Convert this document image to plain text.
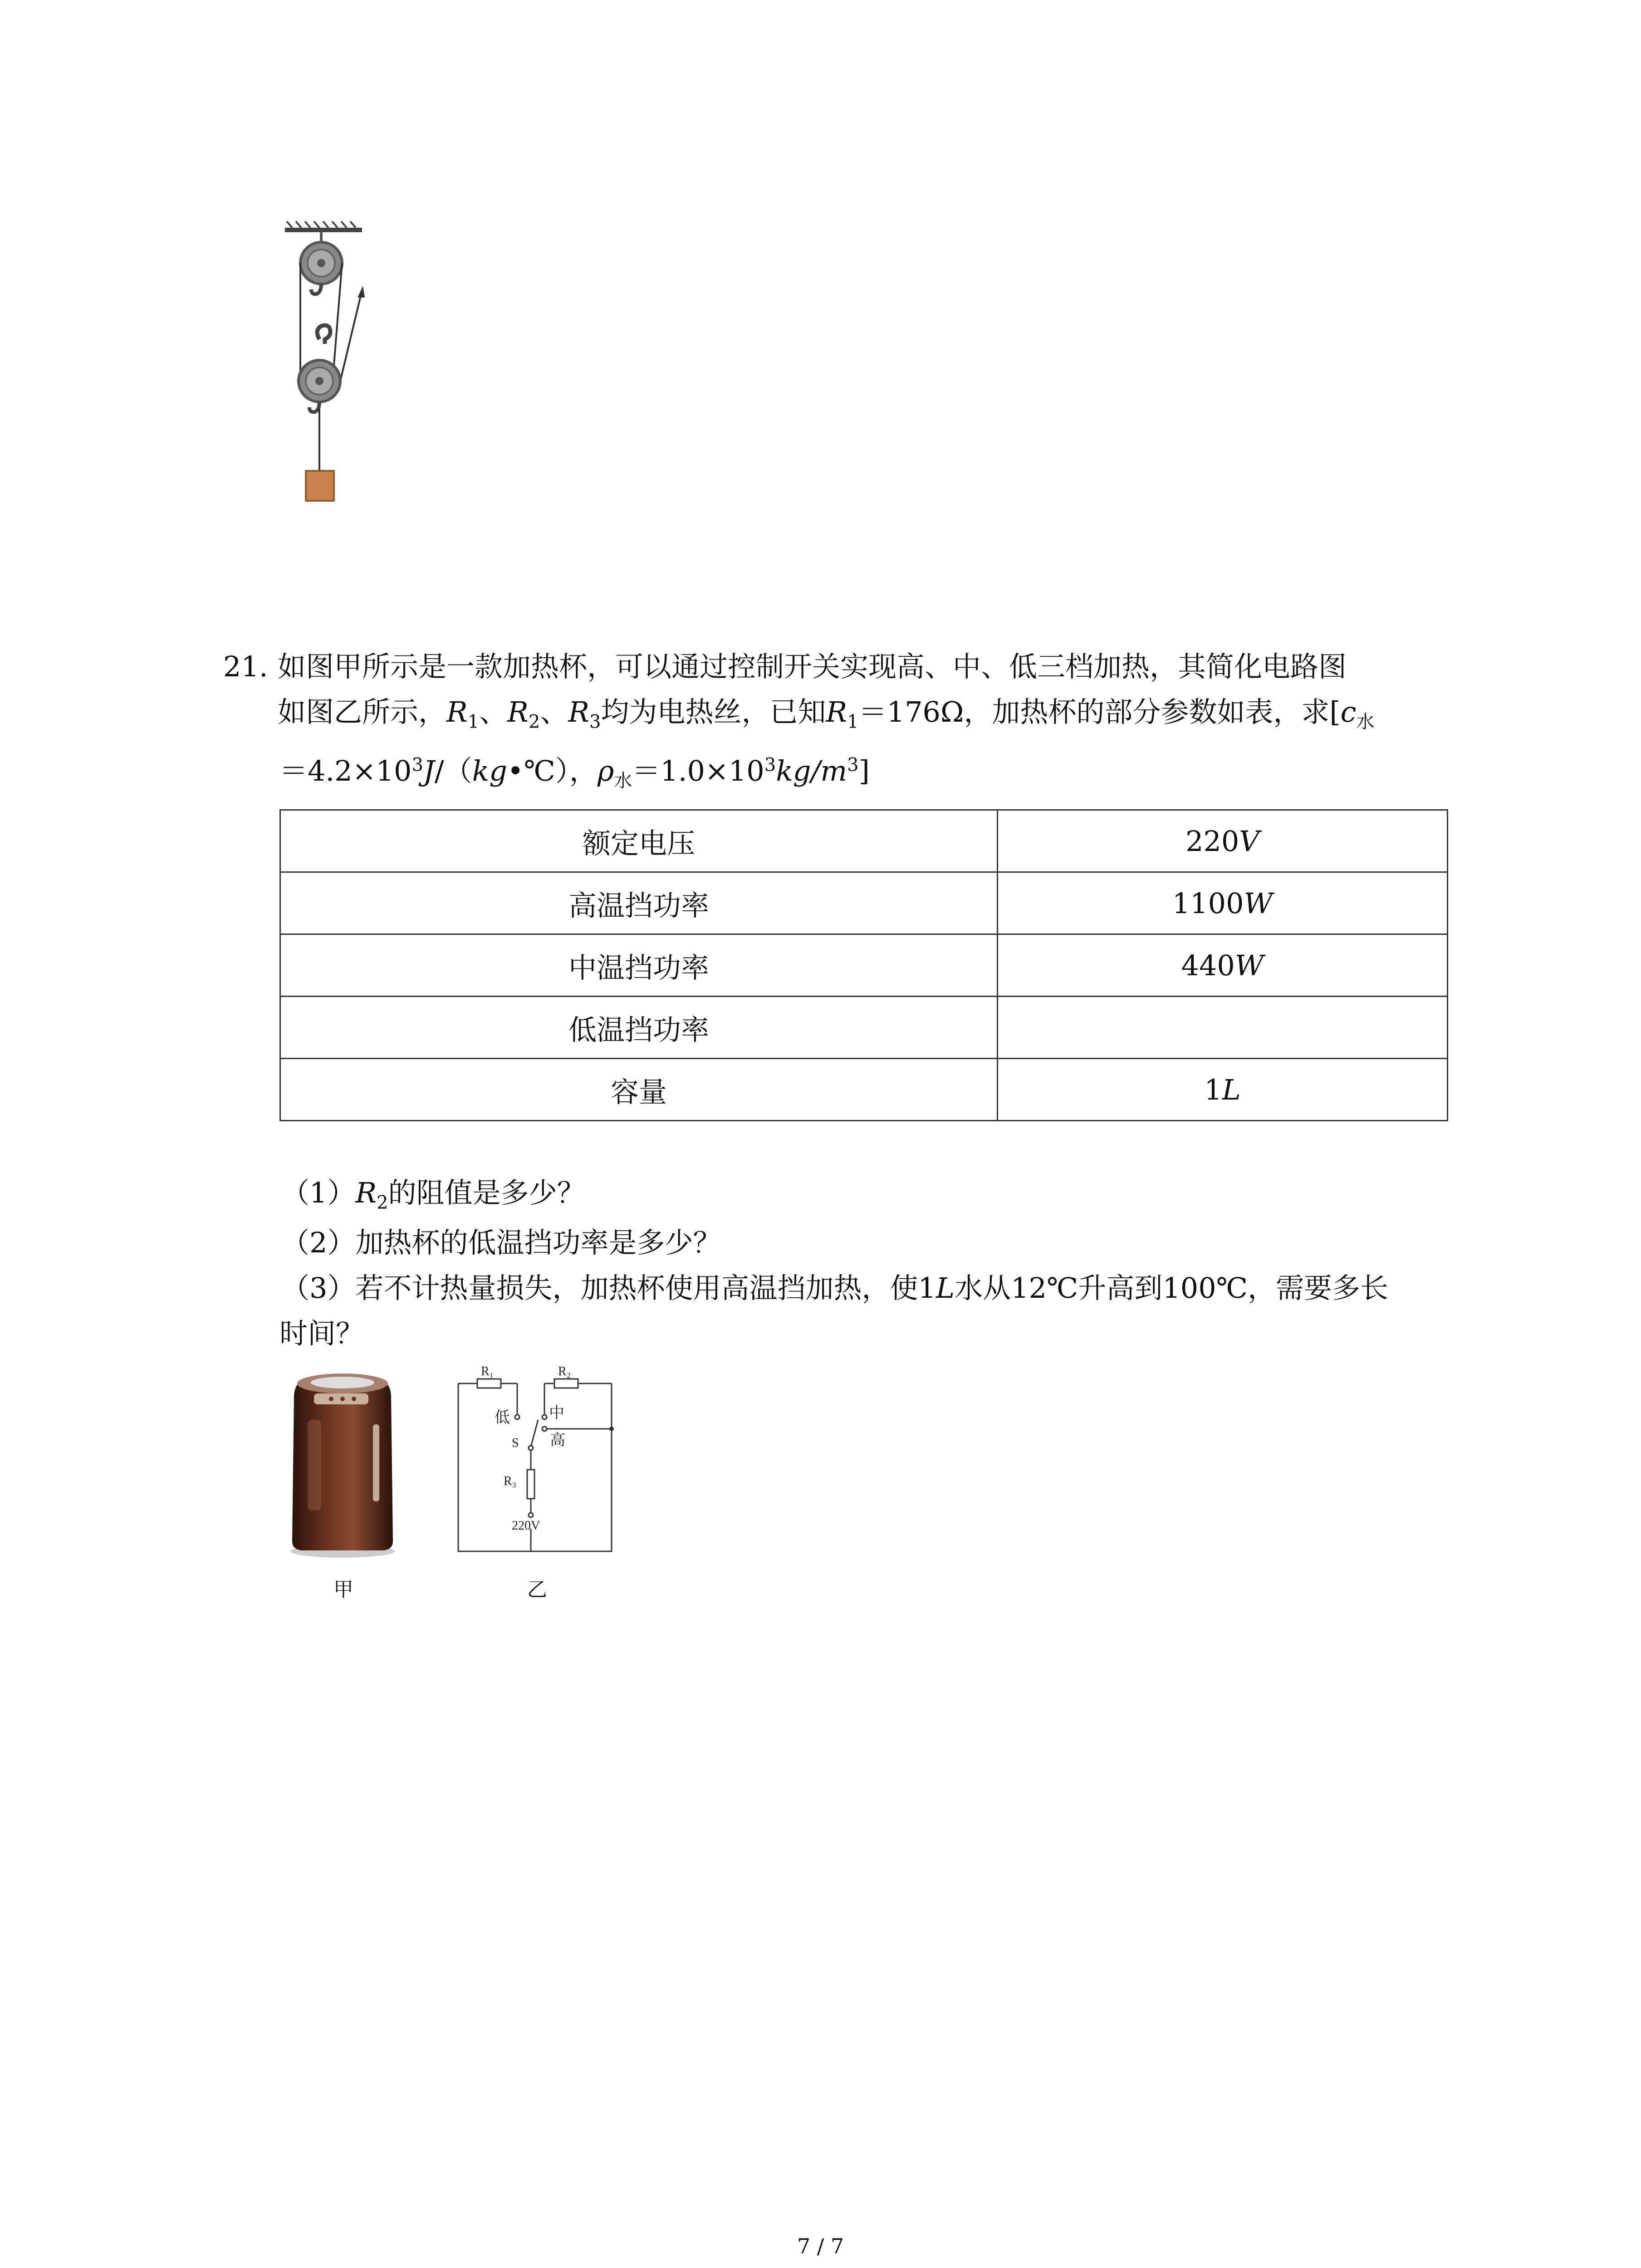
21. 如图甲所示是一款加热杯，可以通过控制开关实现高、中、低三档加热，其简化电路图
如图乙所示，$R_1$、$R_2$、$R_3$均为电热丝，已知$R_1=176\Omega$，加热杯的部分参数如表，求[$c_水$
$=4.2\times 10^3J/(kg•℃)$，$\rho_水=1.0\times 10^3kg/m^3$]
额定电压	220V
高温挡功率	1100W
中温挡功率	440W
低温挡功率	
容量	1L
$(1)R_2$的阻值是多少？
（2）加热杯的低温挡功率是多少？
（3）若不计热量损失，加热杯使用高温挡加热，使1L水从12℃升高到100℃，需要多长
时间？
甲
R₁	R₂
R₃
S
220V
低	中
高
乙
7 / 7
